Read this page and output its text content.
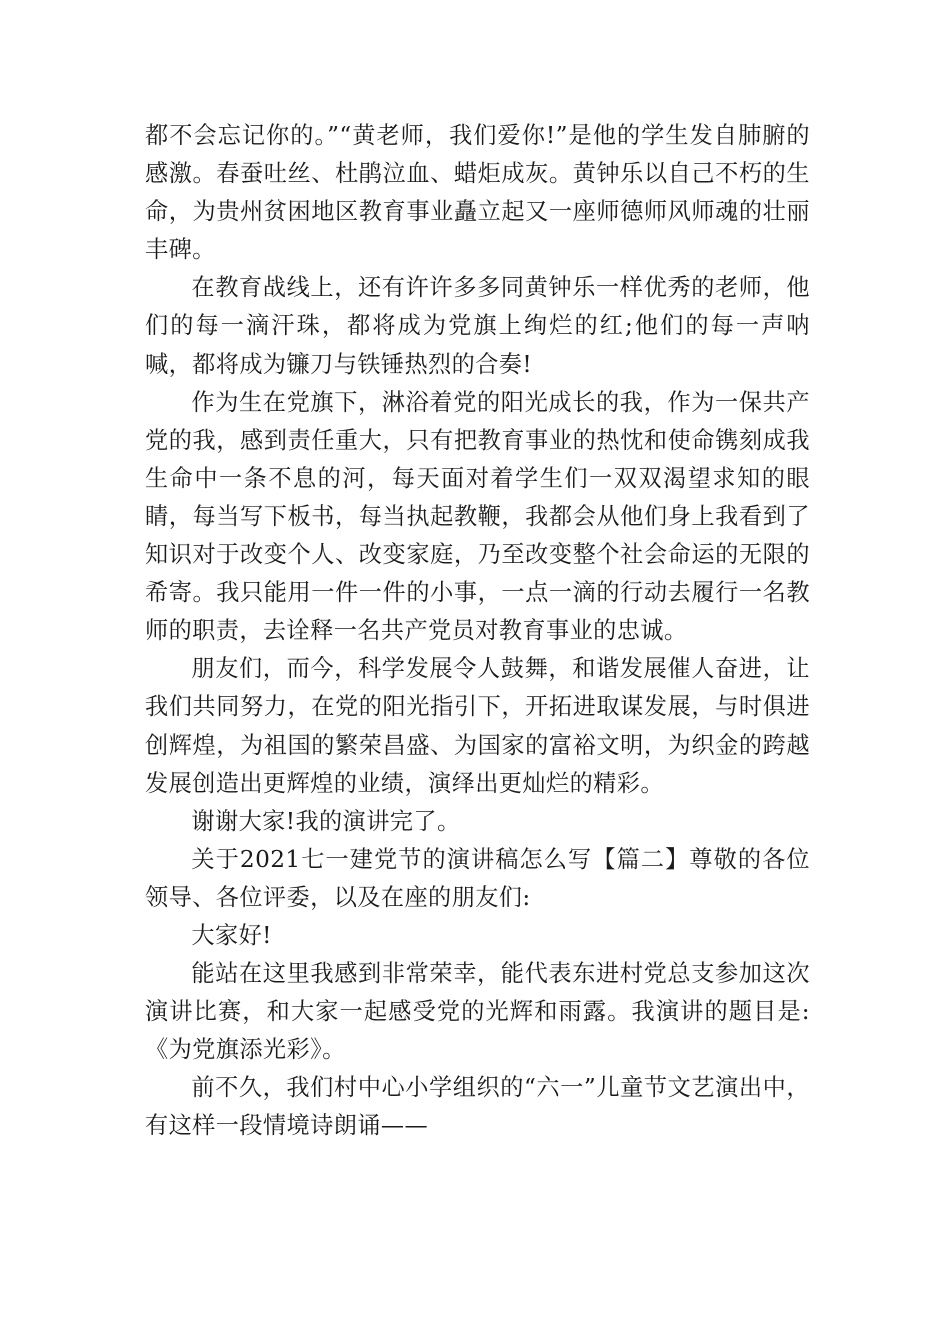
都不会忘记你的。”“黄老师，我们爱你!”是他的学生发自肺腑的感激。春蚕吐丝、杜鹃泣血、蜡炬成灰。黄钟乐以自己不朽的生命，为贵州贫困地区教育事业矗立起又一座师德师风师魂的壮丽丰碑。

在教育战线上，还有许许多多同黄钟乐一样优秀的老师，他们的每一滴汗珠，都将成为党旗上绚烂的红;他们的每一声呐喊，都将成为镰刀与铁锤热烈的合奏!

作为生在党旗下，淋浴着党的阳光成长的我，作为一保共产党的我，感到责任重大，只有把教育事业的热忱和使命镌刻成我生命中一条不息的河，每天面对着学生们一双双渴望求知的眼睛，每当写下板书，每当执起教鞭，我都会从他们身上我看到了知识对于改变个人、改变家庭，乃至改变整个社会命运的无限的希寄。我只能用一件一件的小事，一点一滴的行动去履行一名教师的职责，去诠释一名共产党员对教育事业的忠诚。

朋友们，而今，科学发展令人鼓舞，和谐发展催人奋进，让我们共同努力，在党的阳光指引下，开拓进取谋发展，与时俱进创辉煌，为祖国的繁荣昌盛、为国家的富裕文明，为织金的跨越发展创造出更辉煌的业绩，演绎出更灿烂的精彩。

谢谢大家!我的演讲完了。

关于2021七一建党节的演讲稿怎么写【篇二】尊敬的各位领导、各位评委，以及在座的朋友们:

大家好!

能站在这里我感到非常荣幸，能代表东进村党总支参加这次演讲比赛，和大家一起感受党的光辉和雨露。我演讲的题目是:《为党旗添光彩》。

前不久，我们村中心小学组织的“六一”儿童节文艺演出中，有这样一段情境诗朗诵——
